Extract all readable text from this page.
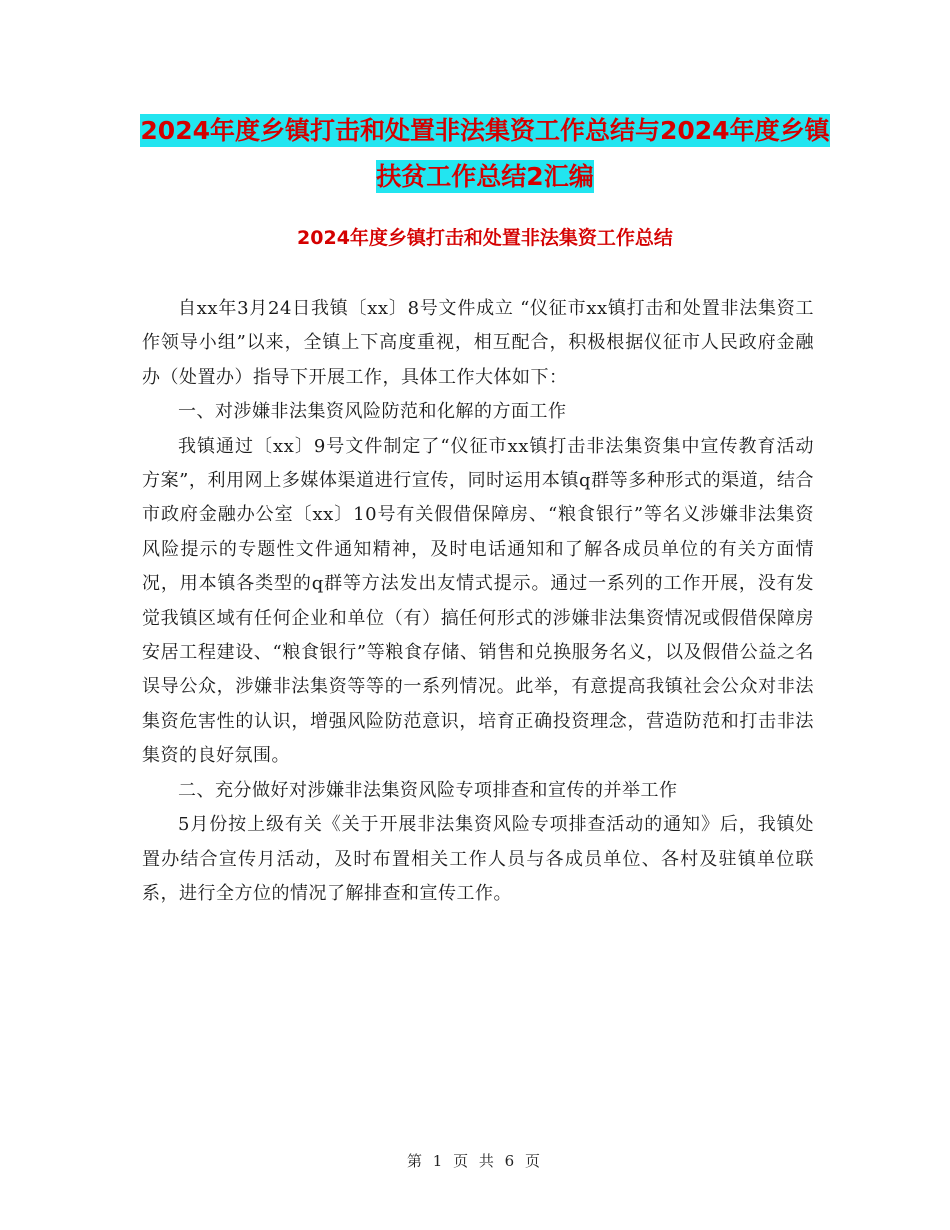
2024年度乡镇打击和处置非法集资工作总结与2024年度乡镇扶贫工作总结2汇编
2024年度乡镇打击和处置非法集资工作总结

自xx年3月24日我镇〔xx〕8号文件成立 “仪征市xx镇打击和处置非法集资工作领导小组”以来，全镇上下高度重视，相互配合，积极根据仪征市人民政府金融办（处置办）指导下开展工作，具体工作大体如下：

一、对涉嫌非法集资风险防范和化解的方面工作

我镇通过〔xx〕9号文件制定了“仪征市xx镇打击非法集资集中宣传教育活动方案”，利用网上多媒体渠道进行宣传，同时运用本镇q群等多种形式的渠道，结合市政府金融办公室〔xx〕10号有关假借保障房、“粮食银行”等名义涉嫌非法集资风险提示的专题性文件通知精神，及时电话通知和了解各成员单位的有关方面情况，用本镇各类型的q群等方法发出友情式提示。通过一系列的工作开展，没有发觉我镇区域有任何企业和单位（有）搞任何形式的涉嫌非法集资情况或假借保障房安居工程建设、“粮食银行”等粮食存储、销售和兑换服务名义，以及假借公益之名误导公众，涉嫌非法集资等等的一系列情况。此举，有意提高我镇社会公众对非法集资危害性的认识，增强风险防范意识，培育正确投资理念，营造防范和打击非法集资的良好氛围。

二、充分做好对涉嫌非法集资风险专项排查和宣传的并举工作

5月份按上级有关《关于开展非法集资风险专项排查活动的通知》后，我镇处置办结合宣传月活动，及时布置相关工作人员与各成员单位、各村及驻镇单位联系，进行全方位的情况了解排查和宣传工作。

第 1 页 共 6 页
